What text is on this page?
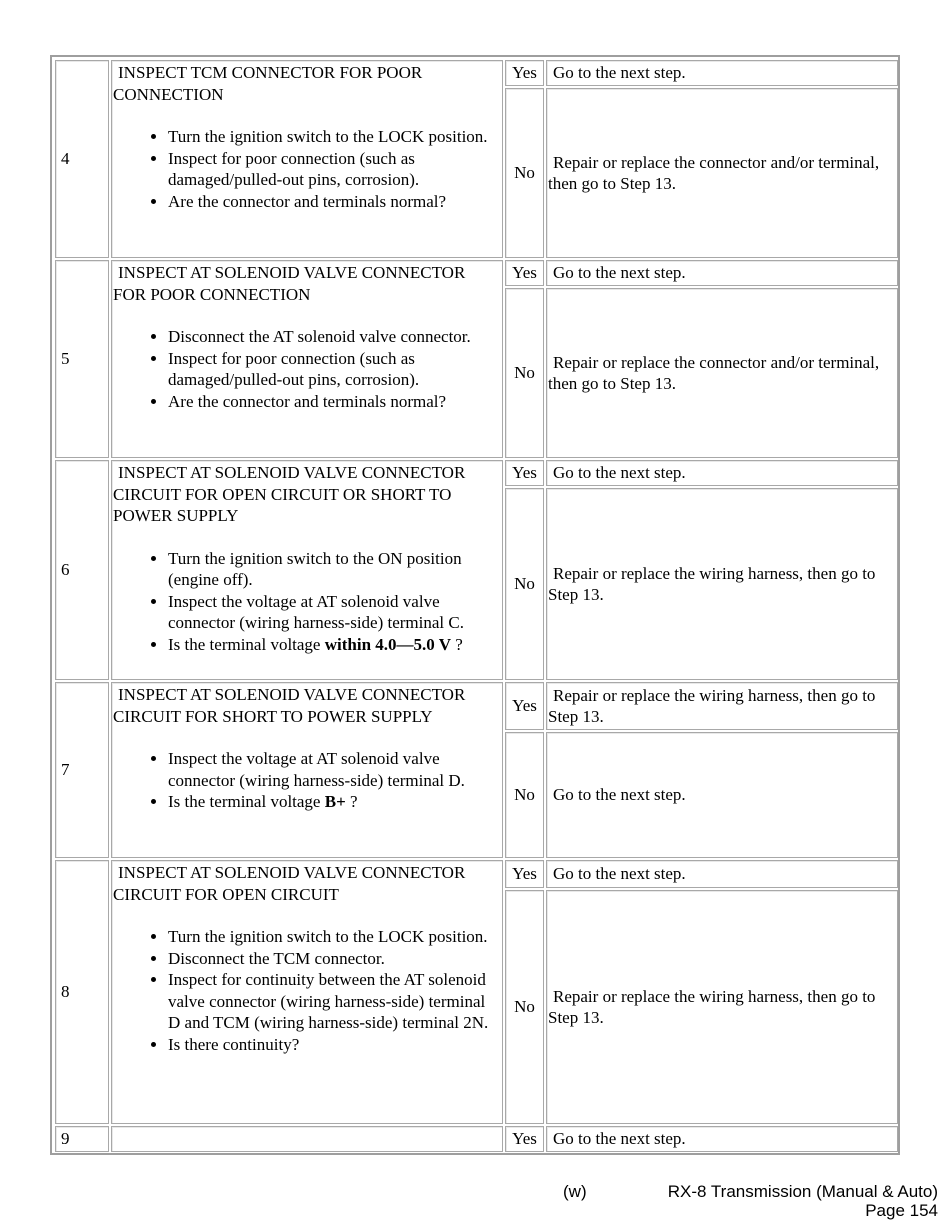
4
INSPECT TCM CONNECTOR FOR POOR CONNECTION
• Turn the ignition switch to the LOCK position.
• Inspect for poor connection (such as damaged/pulled-out pins, corrosion).
• Are the connector and terminals normal?
Yes Go to the next step.
No
Repair or replace the connector and/or terminal, then go to Step 13.
5
INSPECT AT SOLENOID VALVE CONNECTOR FOR POOR CONNECTION
• Disconnect the AT solenoid valve connector.
• Inspect for poor connection (such as damaged/pulled-out pins, corrosion).
• Are the connector and terminals normal?
Yes Go to the next step.
No
Repair or replace the connector and/or terminal, then go to Step 13.
6
INSPECT AT SOLENOID VALVE CONNECTOR CIRCUIT FOR OPEN CIRCUIT OR SHORT TO POWER SUPPLY
• Turn the ignition switch to the ON position (engine off).
• Inspect the voltage at AT solenoid valve connector (wiring harness-side) terminal C.
• Is the terminal voltage within 4.0—5.0 V ?
Yes Go to the next step.
No
Repair or replace the wiring harness, then go to Step 13.
7
INSPECT AT SOLENOID VALVE CONNECTOR CIRCUIT FOR SHORT TO POWER SUPPLY
• Inspect the voltage at AT solenoid valve connector (wiring harness-side) terminal D.
• Is the terminal voltage B+ ?
Yes
Repair or replace the wiring harness, then go to Step 13.
No Go to the next step.
8
INSPECT AT SOLENOID VALVE CONNECTOR CIRCUIT FOR OPEN CIRCUIT
• Turn the ignition switch to the LOCK position.
• Disconnect the TCM connector.
• Inspect for continuity between the AT solenoid valve connector (wiring harness-side) terminal D and TCM (wiring harness-side) terminal 2N.
• Is there continuity?
Yes Go to the next step.
No
Repair or replace the wiring harness, then go to Step 13.
9	Yes Go to the next step.
(w)	RX-8 Transmission (Manual & Auto)
Page 154
